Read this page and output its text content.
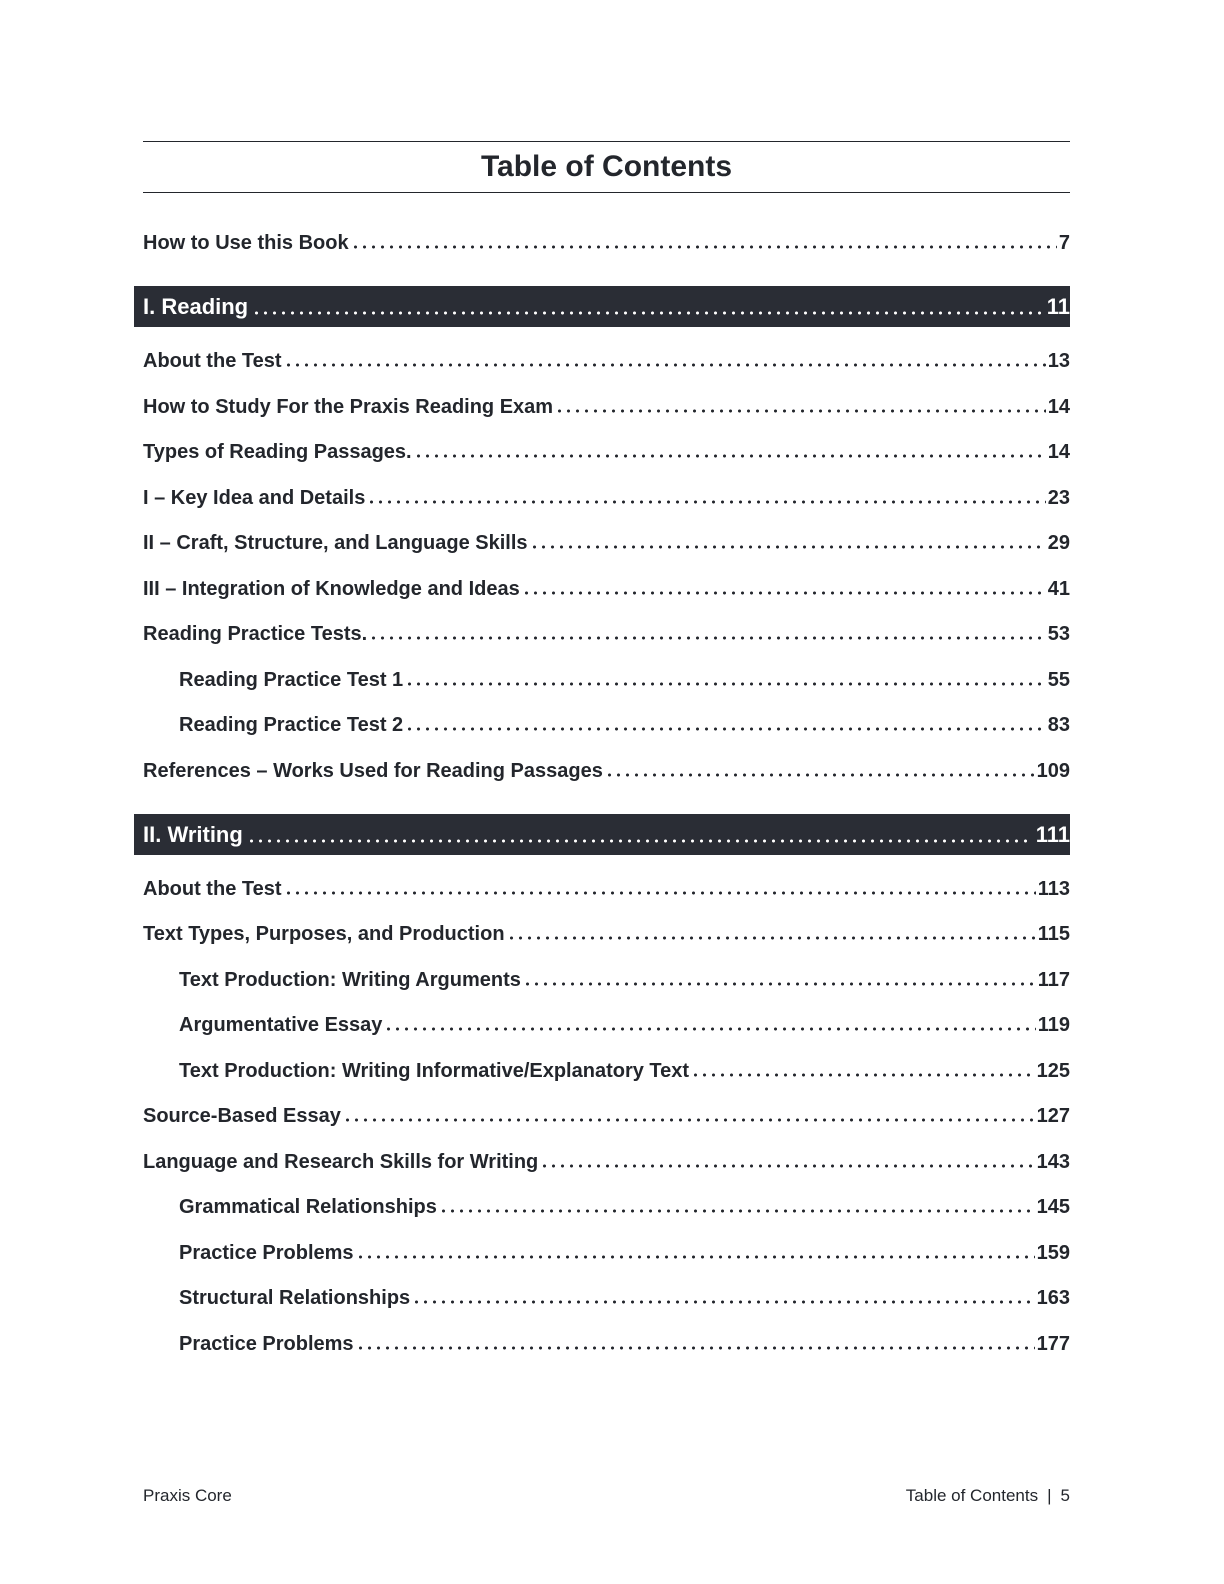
Table of Contents
How to Use this Book	7
I. Reading	11
About the Test	13
How to Study For the Praxis Reading Exam	14
Types of Reading Passages.	14
I – Key Idea and Details	23
II – Craft, Structure, and Language Skills	29
III – Integration of Knowledge and Ideas	41
Reading Practice Tests.	53
Reading Practice Test 1	55
Reading Practice Test 2	83
References – Works Used for Reading Passages	109
II. Writing	111
About the Test	113
Text Types, Purposes, and Production	115
Text Production: Writing Arguments	117
Argumentative Essay	119
Text Production: Writing Informative/Explanatory Text	125
Source-Based Essay	127
Language and Research Skills for Writing	143
Grammatical Relationships	145
Practice Problems	159
Structural Relationships	163
Practice Problems	177
Praxis Core	Table of Contents | 5
